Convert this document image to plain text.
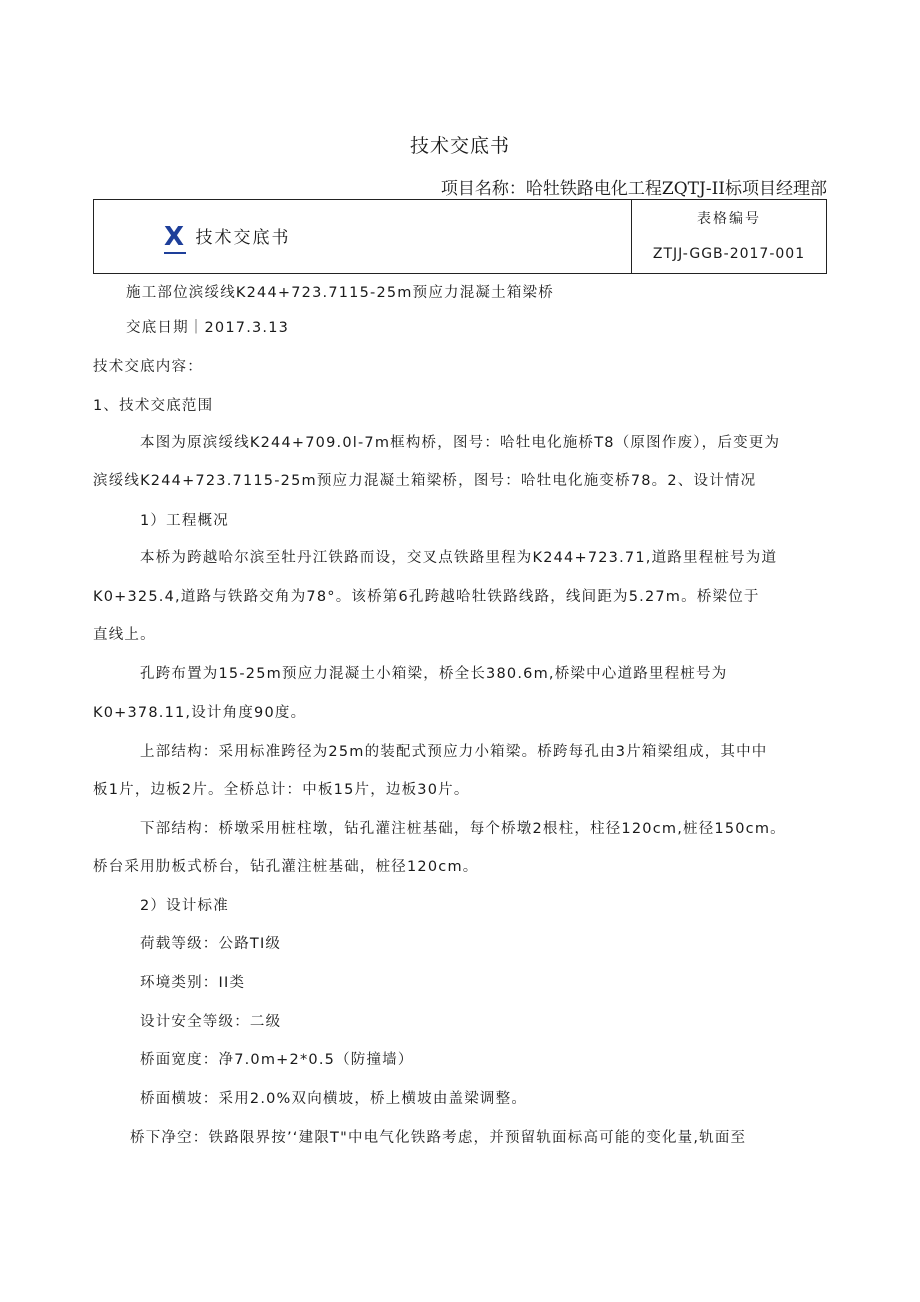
技术交底书
项目名称：哈牡铁路电化工程ZQTJ-II标项目经理部
X 技术交底书
表格编号
ZTJJ-GGB-2017-001
施工部位滨绥线K244+723.7115-25m预应力混凝土箱梁桥
交底日期｜2017.3.13
技术交底内容：
1、技术交底范围
本图为原滨绥线K244+709.0l-7m框构桥，图号：哈牡电化施桥T8（原图作废），后变更为
滨绥线K244+723.7115-25m预应力混凝土箱梁桥，图号：哈牡电化施变桥78。2、设计情况
1）工程概况
本桥为跨越哈尔滨至牡丹江铁路而设，交叉点铁路里程为K244+723.71,道路里程桩号为道
K0+325.4,道路与铁路交角为78°。该桥第6孔跨越哈牡铁路线路，线间距为5.27m。桥梁位于
直线上。
孔跨布置为15-25m预应力混凝土小箱梁，桥全长380.6m,桥梁中心道路里程桩号为
K0+378.11,设计角度90度。
上部结构：采用标准跨径为25m的装配式预应力小箱梁。桥跨每孔由3片箱梁组成，其中中
板1片，边板2片。全桥总计：中板15片，边板30片。
下部结构：桥墩采用桩柱墩，钻孔灌注桩基础，每个桥墩2根柱，柱径120cm,桩径150cm。
桥台采用肋板式桥台，钻孔灌注桩基础，桩径120cm。
2）设计标准
荷载等级：公路TI级
环境类别：II类
设计安全等级：二级
桥面宽度：净7.0m+2*0.5（防撞墙）
桥面横坡：采用2.0%双向横坡，桥上横坡由盖梁调整。
桥下净空：铁路限界按’‘建限T"中电气化铁路考虑，并预留轨面标高可能的变化量,轨面至
